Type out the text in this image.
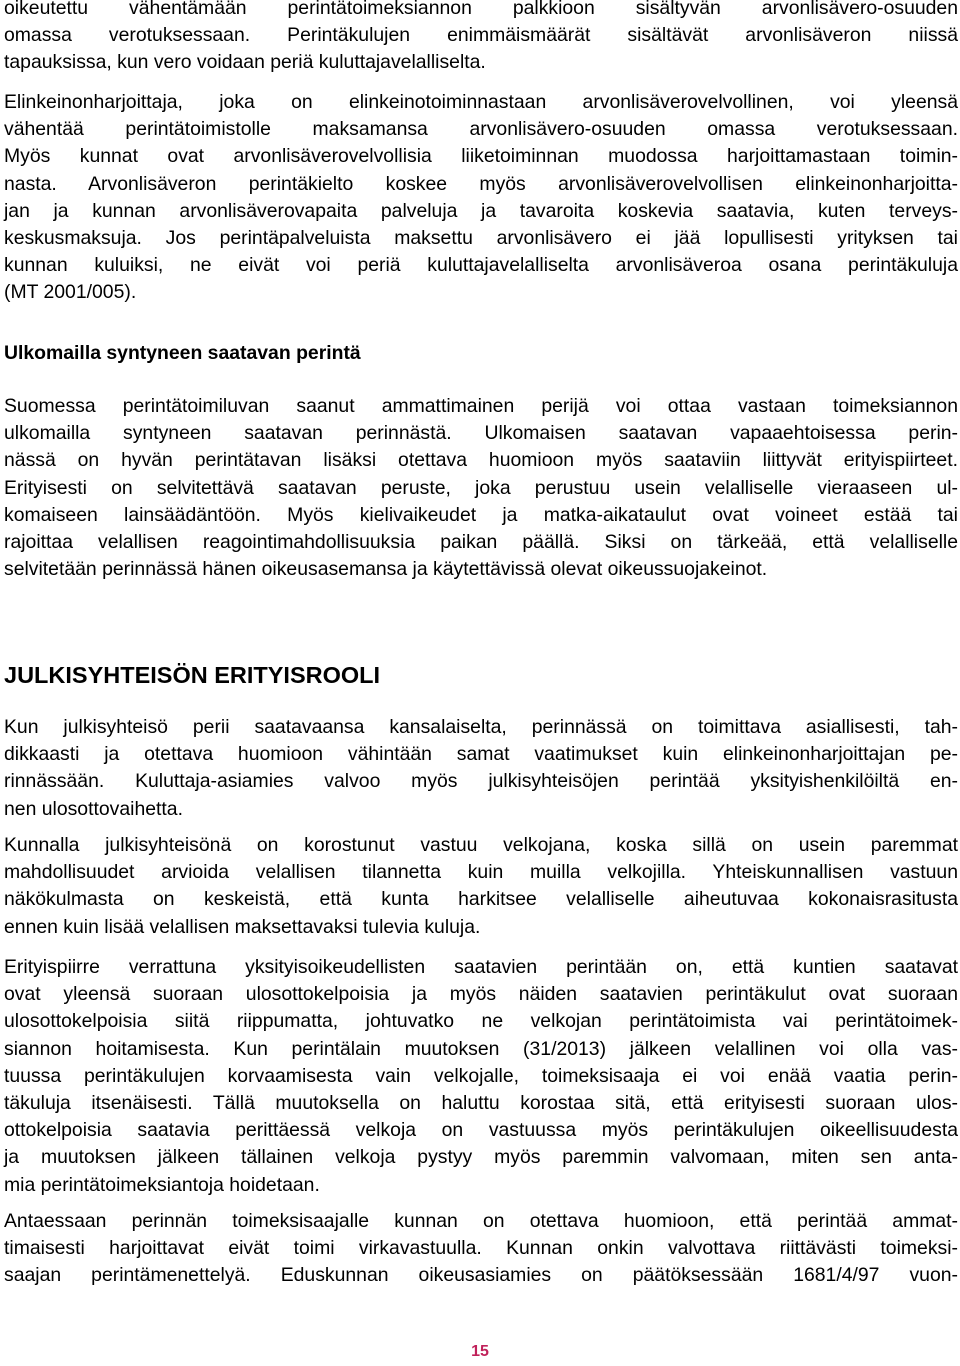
oikeutettu vähentämään perintätoimeksiannon palkkioon sisältyvän arvonlisävero-osuuden
omassa verotuksessaan. Perintäkulujen enimmäismäärät sisältävät arvonlisäveron niissä
tapauksissa, kun vero voidaan periä kuluttajavelalliselta.

Elinkeinonharjoittaja, joka on elinkeinotoiminnastaan arvonlisäverovelvollinen, voi yleensä
vähentää perintätoimistolle maksamansa arvonlisävero-osuuden omassa verotuksessaan.
Myös kunnat ovat arvonlisäverovelvollisia liiketoiminnan muodossa harjoittamastaan toimin-
nasta. Arvonlisäveron perintäkielto koskee myös arvonlisäverovelvollisen elinkeinonharjoitta-
jan ja kunnan arvonlisäverovapaita palveluja ja tavaroita koskevia saatavia, kuten terveys-
keskusmaksuja. Jos perintäpalveluista maksettu arvonlisävero ei jää lopullisesti yrityksen tai
kunnan kuluiksi, ne eivät voi periä kuluttajavelalliselta arvonlisäveroa osana perintäkuluja
(MT 2001/005).

Ulkomailla syntyneen saatavan perintä

Suomessa perintätoimiluvan saanut ammattimainen perijä voi ottaa vastaan toimeksiannon
ulkomailla syntyneen saatavan perinnästä. Ulkomaisen saatavan vapaaehtoisessa perin-
nässä on hyvän perintätavan lisäksi otettava huomioon myös saataviin liittyvät erityispiirteet.
Erityisesti on selvitettävä saatavan peruste, joka perustuu usein velalliselle vieraaseen ul-
komaiseen lainsäädäntöön. Myös kielivaikeudet ja matka-aikataulut ovat voineet estää tai
rajoittaa velallisen reagointimahdollisuuksia paikan päällä. Siksi on tärkeää, että velalliselle
selvitetään perinnässä hänen oikeusasemansa ja käytettävissä olevat oikeussuojakeinot.

JULKISYHTEISÖN ERITYISROOLI

Kun julkisyhteisö perii saatavaansa kansalaiselta, perinnässä on toimittava asiallisesti, tah-
dikkaasti ja otettava huomioon vähintään samat vaatimukset kuin elinkeinonharjoittajan pe-
rinnässään. Kuluttaja-asiamies valvoo myös julkisyhteisöjen perintää yksityishenkilöiltä en-
nen ulosottovaihetta.

Kunnalla julkisyhteisönä on korostunut vastuu velkojana, koska sillä on usein paremmat
mahdollisuudet arvioida velallisen tilannetta kuin muilla velkojilla. Yhteiskunnallisen vastuun
näkökulmasta on keskeistä, että kunta harkitsee velalliselle aiheutuvaa kokonaisrasitusta
ennen kuin lisää velallisen maksettavaksi tulevia kuluja.

Erityispiirre verrattuna yksityisoikeudellisten saatavien perintään on, että kuntien saatavat
ovat yleensä suoraan ulosottokelpoisia ja myös näiden saatavien perintäkulut ovat suoraan
ulosottokelpoisia siitä riippumatta, johtuvatko ne velkojan perintätoimista vai perintätoimek-
siannon hoitamisesta. Kun perintälain muutoksen (31/2013) jälkeen velallinen voi olla vas-
tuussa perintäkulujen korvaamisesta vain velkojalle, toimeksisaaja ei voi enää vaatia perin-
täkuluja itsenäisesti. Tällä muutoksella on haluttu korostaa sitä, että erityisesti suoraan ulos-
ottokelpoisia saatavia perittäessä velkoja on vastuussa myös perintäkulujen oikeellisuudesta
ja muutoksen jälkeen tällainen velkoja pystyy myös paremmin valvomaan, miten sen anta-
mia perintätoimeksiantoja hoidetaan.

Antaessaan perinnän toimeksisaajalle kunnan on otettava huomioon, että perintää ammat-
timaisesti harjoittavat eivät toimi virkavastuulla. Kunnan onkin valvottava riittävästi toimeksi-
saajan perintämenettelyä. Eduskunnan oikeusasiamies on päätöksessään 1681/4/97 vuon-

15
